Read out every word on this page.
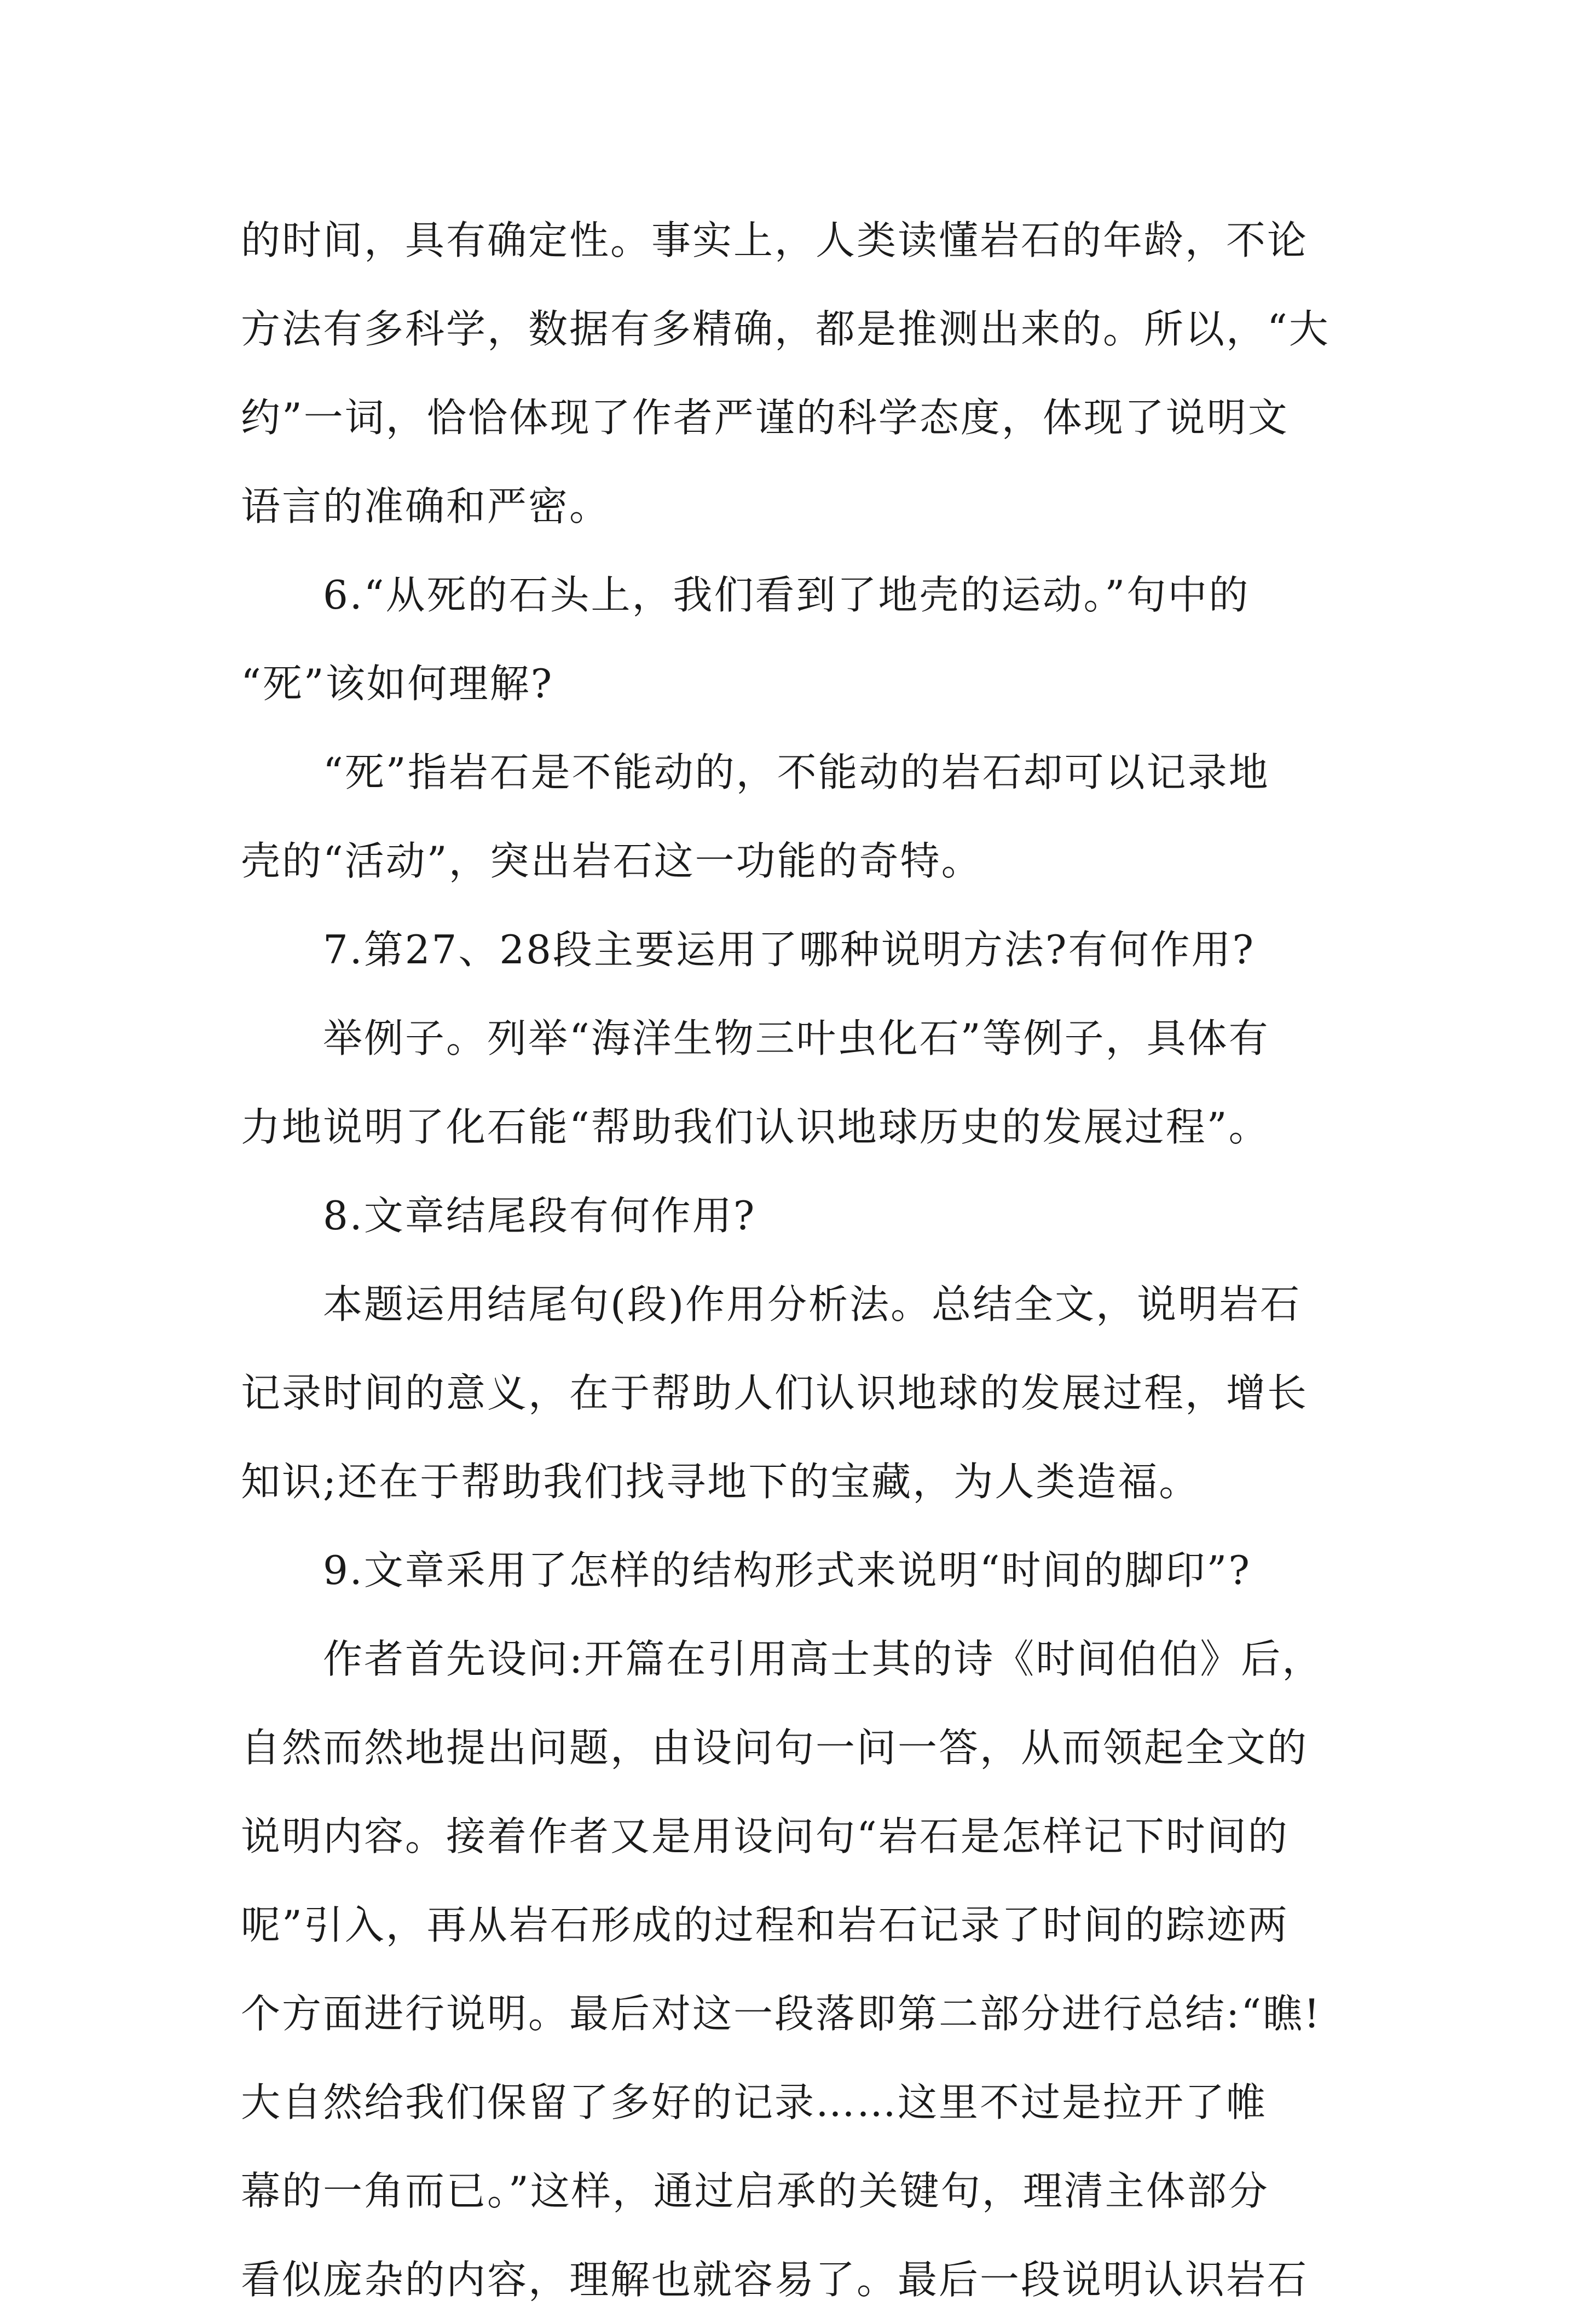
的时间，具有确定性。事实上，人类读懂岩石的年龄，不论
方法有多科学，数据有多精确，都是推测出来的。所以，“大
约”一词，恰恰体现了作者严谨的科学态度，体现了说明文
语言的准确和严密。
6.“从死的石头上，我们看到了地壳的运动。”句中的
“死”该如何理解?
“死”指岩石是不能动的，不能动的岩石却可以记录地
壳的“活动”，突出岩石这一功能的奇特。
7.第27、28段主要运用了哪种说明方法?有何作用?
举例子。列举“海洋生物三叶虫化石”等例子，具体有
力地说明了化石能“帮助我们认识地球历史的发展过程”。
8.文章结尾段有何作用?
本题运用结尾句(段)作用分析法。总结全文，说明岩石
记录时间的意义，在于帮助人们认识地球的发展过程，增长
知识;还在于帮助我们找寻地下的宝藏，为人类造福。
9.文章采用了怎样的结构形式来说明“时间的脚印”?
作者首先设问:开篇在引用高士其的诗《时间伯伯》后，
自然而然地提出问题，由设问句一问一答，从而领起全文的
说明内容。接着作者又是用设问句“岩石是怎样记下时间的
呢”引入，再从岩石形成的过程和岩石记录了时间的踪迹两
个方面进行说明。最后对这一段落即第二部分进行总结:“瞧!
大自然给我们保留了多好的记录……这里不过是拉开了帷
幕的一角而已。”这样，通过启承的关键句，理清主体部分
看似庞杂的内容，理解也就容易了。最后一段说明认识岩石
